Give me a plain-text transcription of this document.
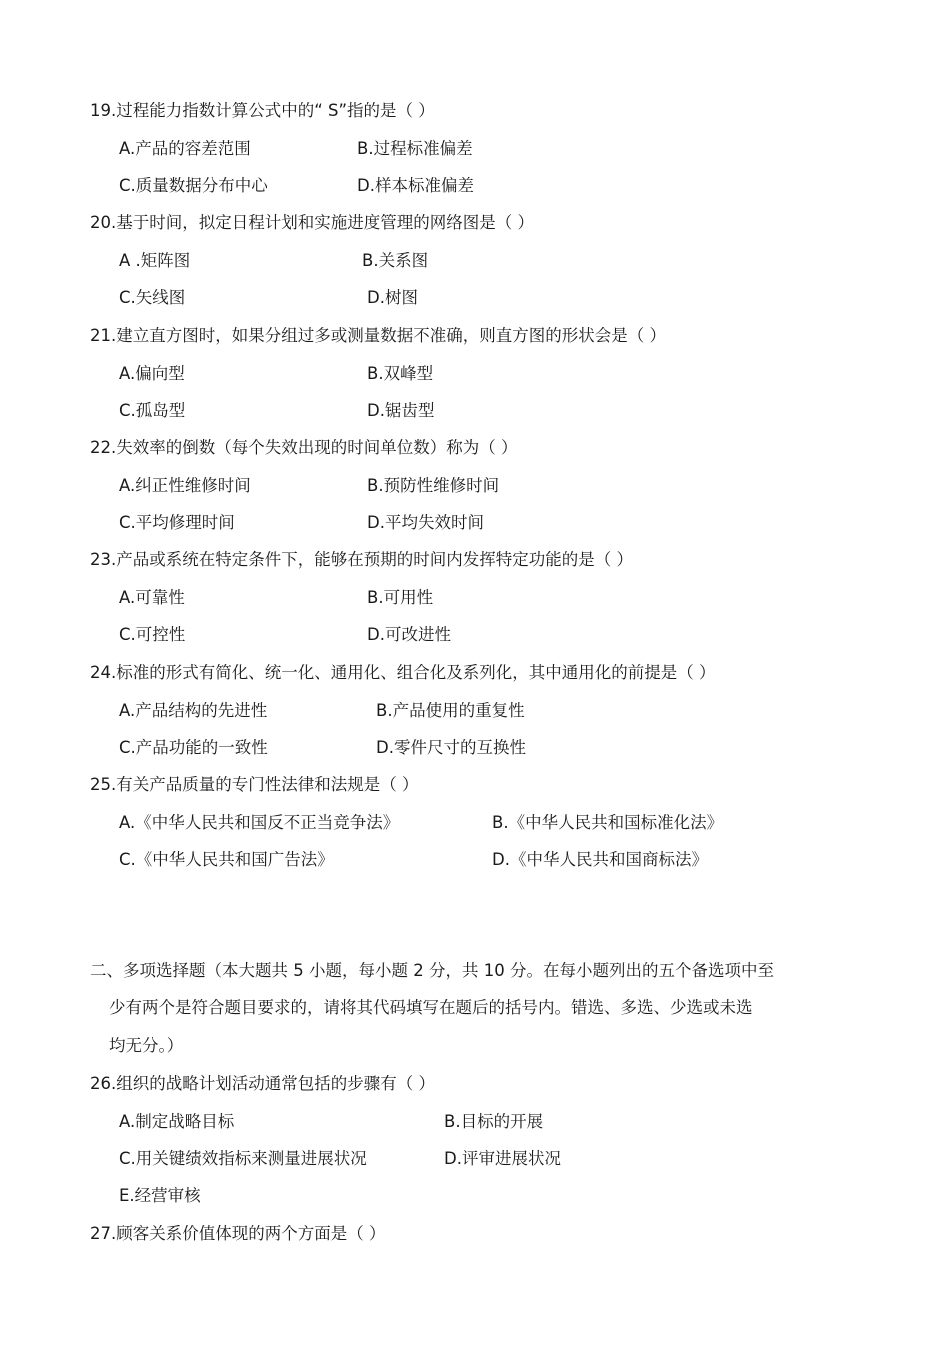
19.过程能力指数计算公式中的“ S”指的是（ ）
A.产品的容差范围	B.过程标准偏差
C.质量数据分布中心	D.样本标准偏差
20.基于时间，拟定日程计划和实施进度管理的网络图是（ ）
A .矩阵图	B.关系图
C.矢线图	D.树图
21.建立直方图时，如果分组过多或测量数据不准确，则直方图的形状会是（ ）
A.偏向型	B.双峰型
C.孤岛型	D.锯齿型
22.失效率的倒数（每个失效出现的时间单位数）称为（ ）
A.纠正性维修时间	B.预防性维修时间
C.平均修理时间	D.平均失效时间
23.产品或系统在特定条件下，能够在预期的时间内发挥特定功能的是（ ）
A.可靠性	B.可用性
C.可控性	D.可改进性
24.标准的形式有简化、统一化、通用化、组合化及系列化，其中通用化的前提是（ ）
A.产品结构的先进性	B.产品使用的重复性
C.产品功能的一致性	D.零件尺寸的互换性
25.有关产品质量的专门性法律和法规是（ ）
A.《中华人民共和国反不正当竞争法》	B.《中华人民共和国标准化法》
C.《中华人民共和国广告法》	D.《中华人民共和国商标法》
二、多项选择题（本大题共 5 小题，每小题 2 分，共 10 分。在每小题列出的五个备选项中至
少有两个是符合题目要求的，请将其代码填写在题后的括号内。错选、多选、少选或未选
均无分。）
26.组织的战略计划活动通常包括的步骤有（ ）
A.制定战略目标	B.目标的开展
C.用关键绩效指标来测量进展状况	D.评审进展状况
E.经营审核
27.顾客关系价值体现的两个方面是（ ）
